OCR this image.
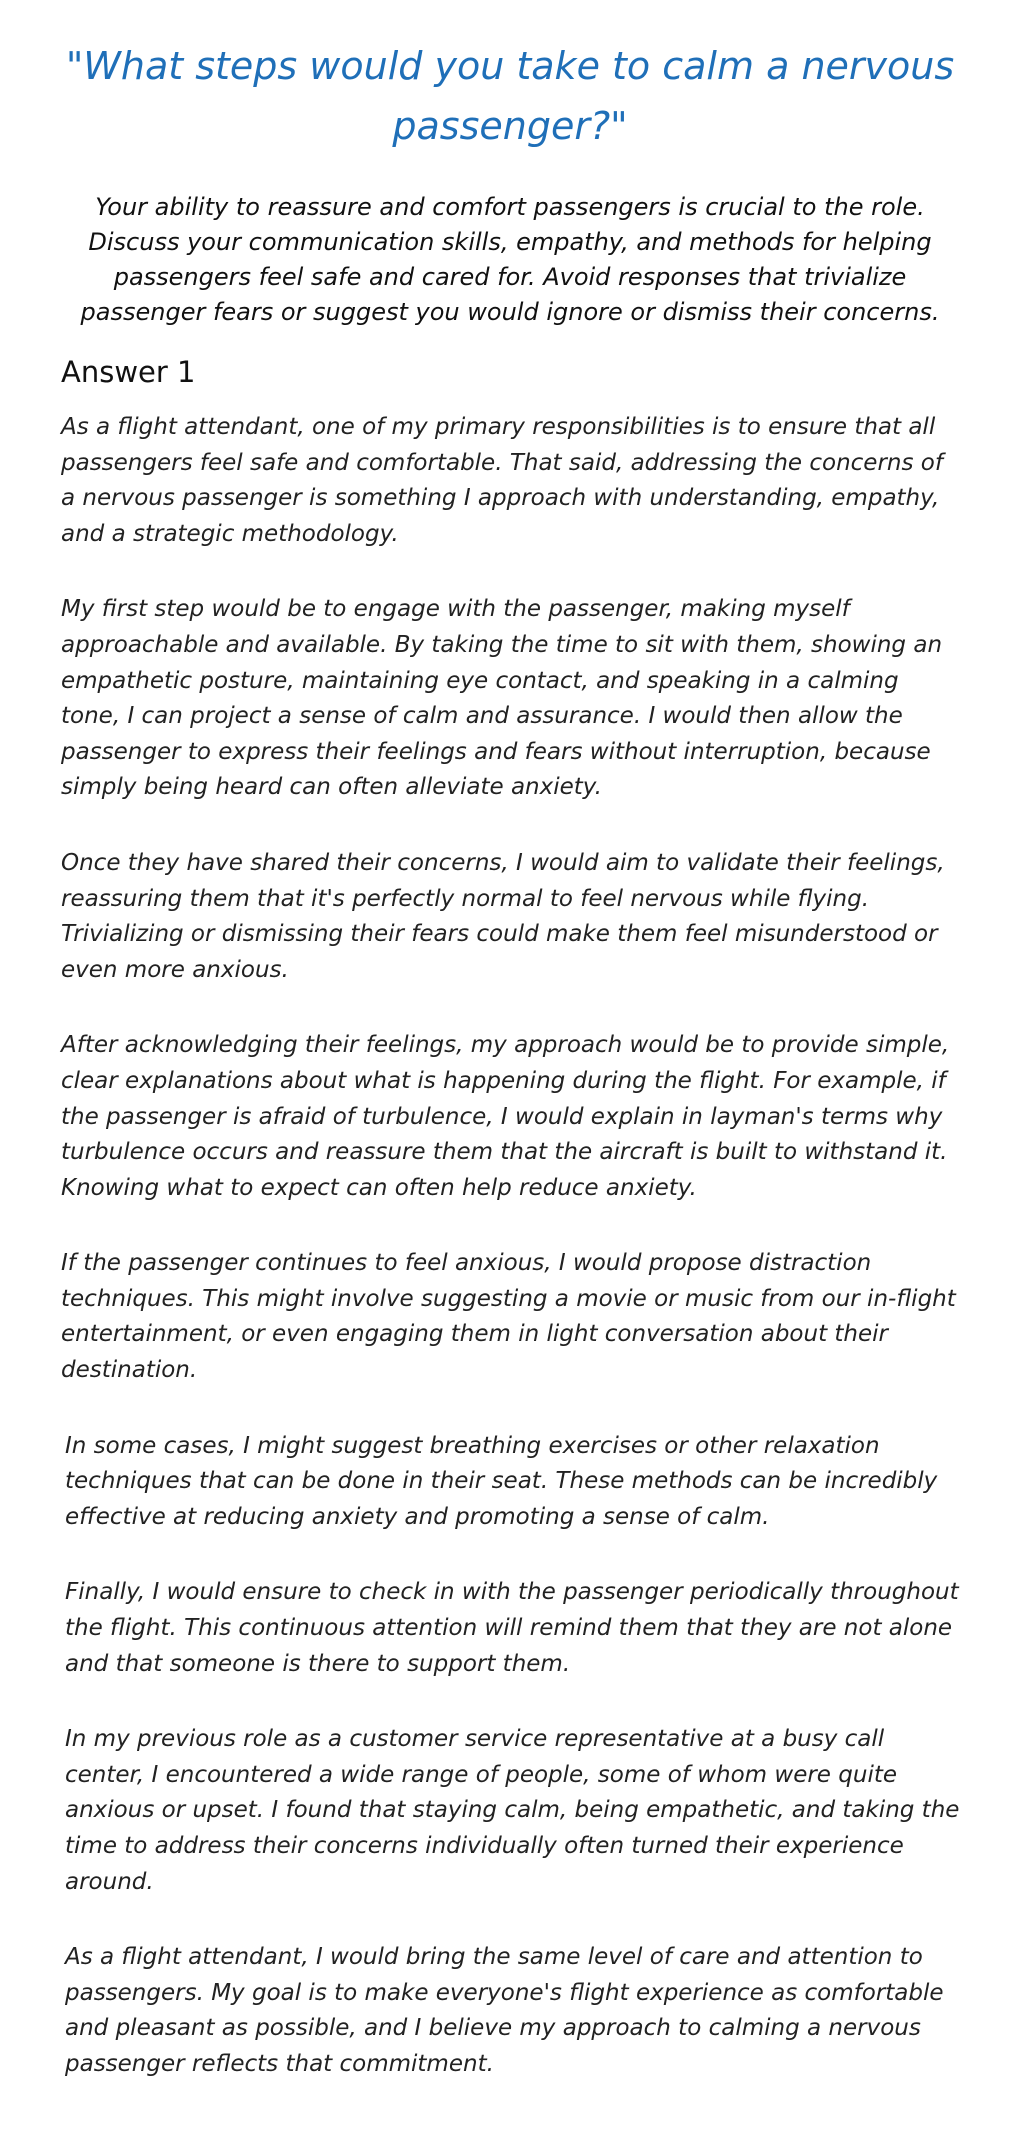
"What steps would you take to calm a nervous passenger?"
Your ability to reassure and comfort passengers is crucial to the role. Discuss your communication skills, empathy, and methods for helping passengers feel safe and cared for. Avoid responses that trivialize passenger fears or suggest you would ignore or dismiss their concerns.
Answer 1

As a flight attendant, one of my primary responsibilities is to ensure that all passengers feel safe and comfortable. That said, addressing the concerns of a nervous passenger is something I approach with understanding, empathy, and a strategic methodology.

My first step would be to engage with the passenger, making myself approachable and available. By taking the time to sit with them, showing an empathetic posture, maintaining eye contact, and speaking in a calming tone, I can project a sense of calm and assurance. I would then allow the passenger to express their feelings and fears without interruption, because simply being heard can often alleviate anxiety.

Once they have shared their concerns, I would aim to validate their feelings, reassuring them that it's perfectly normal to feel nervous while flying. Trivializing or dismissing their fears could make them feel misunderstood or even more anxious.

After acknowledging their feelings, my approach would be to provide simple, clear explanations about what is happening during the flight. For example, if the passenger is afraid of turbulence, I would explain in layman's terms why turbulence occurs and reassure them that the aircraft is built to withstand it. Knowing what to expect can often help reduce anxiety.

If the passenger continues to feel anxious, I would propose distraction techniques. This might involve suggesting a movie or music from our in-flight entertainment, or even engaging them in light conversation about their destination.

In some cases, I might suggest breathing exercises or other relaxation techniques that can be done in their seat. These methods can be incredibly effective at reducing anxiety and promoting a sense of calm.

Finally, I would ensure to check in with the passenger periodically throughout the flight. This continuous attention will remind them that they are not alone and that someone is there to support them.

In my previous role as a customer service representative at a busy call center, I encountered a wide range of people, some of whom were quite anxious or upset. I found that staying calm, being empathetic, and taking the time to address their concerns individually often turned their experience around.

As a flight attendant, I would bring the same level of care and attention to passengers. My goal is to make everyone's flight experience as comfortable and pleasant as possible, and I believe my approach to calming a nervous passenger reflects that commitment.
